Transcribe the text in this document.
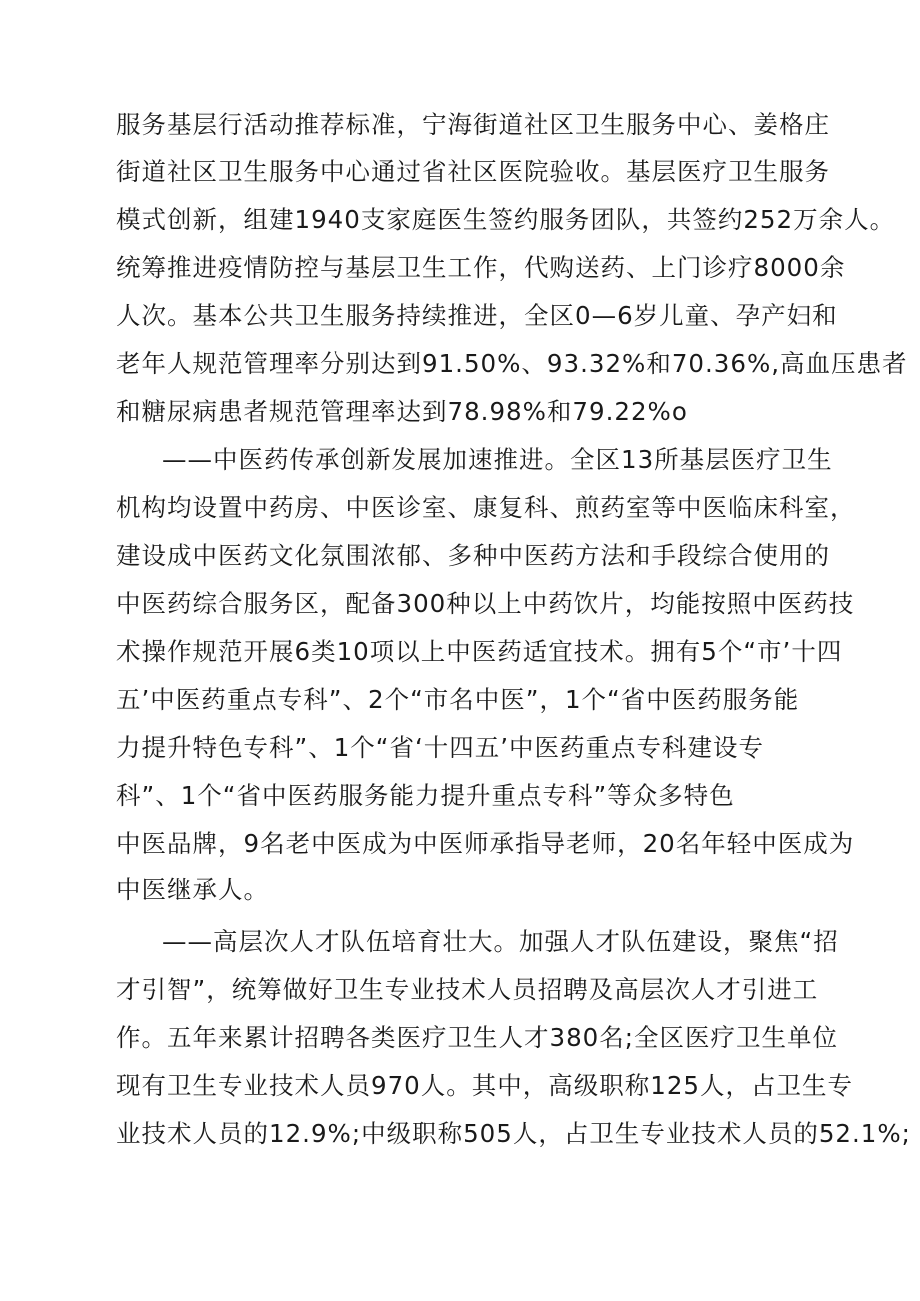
服务基层行活动推荐标准，宁海街道社区卫生服务中心、姜格庄

街道社区卫生服务中心通过省社区医院验收。基层医疗卫生服务

模式创新，组建1940支家庭医生签约服务团队，共签约252万余人。

统筹推进疫情防控与基层卫生工作，代购送药、上门诊疗8000余

人次。基本公共卫生服务持续推进，全区0—6岁儿童、孕产妇和

老年人规范管理率分别达到91.50%、93.32%和70.36%,高血压患者

和糖尿病患者规范管理率达到78.98%和79.22%o

——中医药传承创新发展加速推进。全区13所基层医疗卫生

机构均设置中药房、中医诊室、康复科、煎药室等中医临床科室，

建设成中医药文化氛围浓郁、多种中医药方法和手段综合使用的

中医药综合服务区，配备300种以上中药饮片，均能按照中医药技

术操作规范开展6类10项以上中医药适宜技术。拥有5个“市’十四

五’中医药重点专科”、2个“市名中医”，1个“省中医药服务能

力提升特色专科”、1个“省‘十四五’中医药重点专科建设专

科”、1个“省中医药服务能力提升重点专科”等众多特色

中医品牌，9名老中医成为中医师承指导老师，20名年轻中医成为

中医继承人。

——高层次人才队伍培育壮大。加强人才队伍建设，聚焦“招

才引智”，统筹做好卫生专业技术人员招聘及高层次人才引进工

作。五年来累计招聘各类医疗卫生人才380名;全区医疗卫生单位

现有卫生专业技术人员970人。其中，高级职称125人，占卫生专

业技术人员的12.9%;中级职称505人，占卫生专业技术人员的52.1%;
